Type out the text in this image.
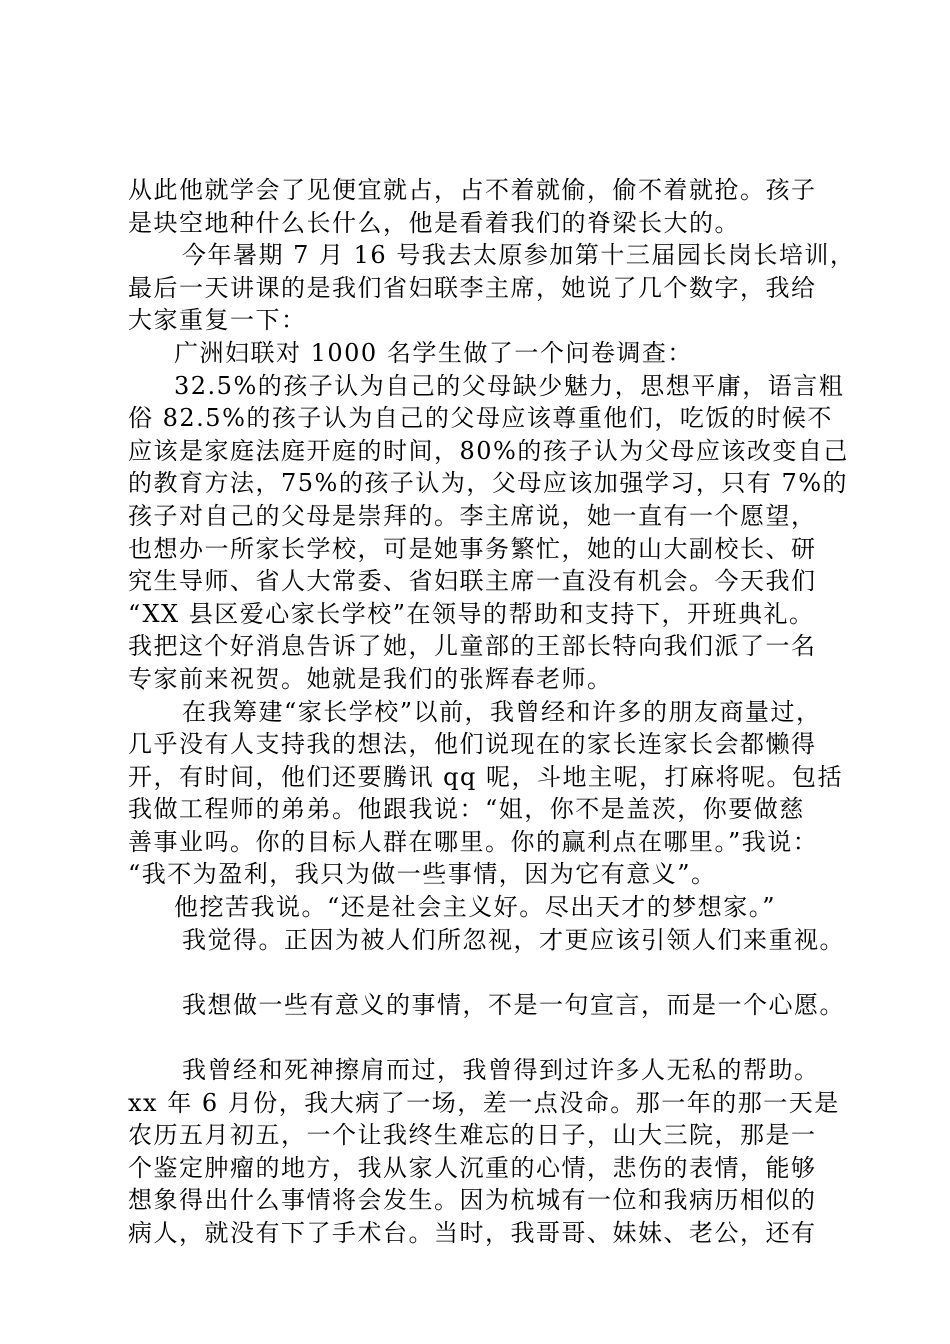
从此他就学会了见便宜就占，占不着就偷，偷不着就抢。孩子
是块空地种什么长什么，他是看着我们的脊梁长大的。
今年暑期 7 月 16 号我去太原参加第十三届园长岗长培训，
最后一天讲课的是我们省妇联李主席，她说了几个数字，我给
大家重复一下：
广洲妇联对 1000 名学生做了一个问卷调查：
32.5%的孩子认为自己的父母缺少魅力，思想平庸，语言粗
俗 82.5%的孩子认为自己的父母应该尊重他们，吃饭的时候不
应该是家庭法庭开庭的时间，80%的孩子认为父母应该改变自己
的教育方法，75%的孩子认为，父母应该加强学习，只有 7%的
孩子对自己的父母是崇拜的。李主席说，她一直有一个愿望，
也想办一所家长学校，可是她事务繁忙，她的山大副校长、研
究生导师、省人大常委、省妇联主席一直没有机会。今天我们
“XX 县区爱心家长学校”在领导的帮助和支持下，开班典礼。
我把这个好消息告诉了她，儿童部的王部长特向我们派了一名
专家前来祝贺。她就是我们的张辉春老师。
在我筹建“家长学校”以前，我曾经和许多的朋友商量过，
几乎没有人支持我的想法，他们说现在的家长连家长会都懒得
开，有时间，他们还要腾讯 qq 呢，斗地主呢，打麻将呢。包括
我做工程师的弟弟。他跟我说：“姐，你不是盖茨，你要做慈
善事业吗。你的目标人群在哪里。你的赢利点在哪里。”我说：
“我不为盈利，我只为做一些事情，因为它有意义”。
他挖苦我说。“还是社会主义好。尽出天才的梦想家。”
我觉得。正因为被人们所忽视，才更应该引领人们来重视。
我想做一些有意义的事情，不是一句宣言，而是一个心愿。
我曾经和死神擦肩而过，我曾得到过许多人无私的帮助。
xx 年 6 月份，我大病了一场，差一点没命。那一年的那一天是
农历五月初五，一个让我终生难忘的日子，山大三院，那是一
个鉴定肿瘤的地方，我从家人沉重的心情，悲伤的表情，能够
想象得出什么事情将会发生。因为杭城有一位和我病历相似的
病人，就没有下了手术台。当时，我哥哥、妹妹、老公，还有
